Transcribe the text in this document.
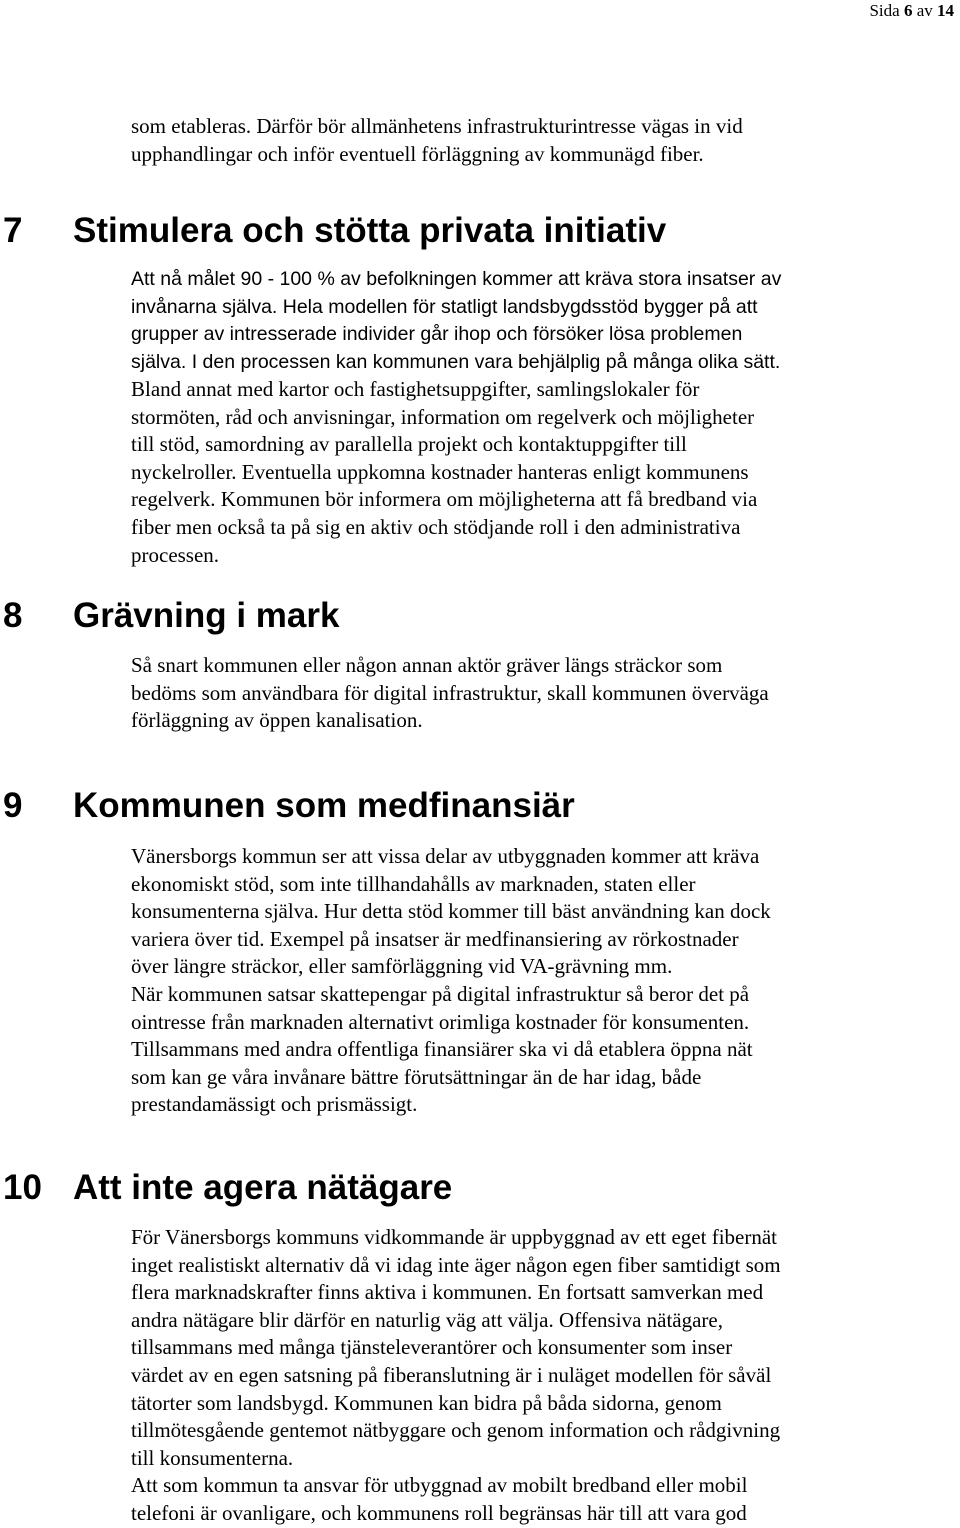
Sida 6 av 14
som etableras. Därför bör allmänhetens infrastrukturintresse vägas in vid
upphandlingar och inför eventuell förläggning av kommunägd fiber.
7 Stimulera och stötta privata initiativ
Att nå målet 90 - 100 % av befolkningen kommer att kräva stora insatser av
invånarna själva. Hela modellen för statligt landsbygdsstöd bygger på att
grupper av intresserade individer går ihop och försöker lösa problemen
själva. I den processen kan kommunen vara behjälplig på många olika sätt.
Bland annat med kartor och fastighetsuppgifter, samlingslokaler för
stormöten, råd och anvisningar, information om regelverk och möjligheter
till stöd, samordning av parallella projekt och kontaktuppgifter till
nyckelroller. Eventuella uppkomna kostnader hanteras enligt kommunens
regelverk. Kommunen bör informera om möjligheterna att få bredband via
fiber men också ta på sig en aktiv och stödjande roll i den administrativa
processen.
8 Grävning i mark
Så snart kommunen eller någon annan aktör gräver längs sträckor som
bedöms som användbara för digital infrastruktur, skall kommunen överväga
förläggning av öppen kanalisation.
9 Kommunen som medfinansiär
Vänersborgs kommun ser att vissa delar av utbyggnaden kommer att kräva
ekonomiskt stöd, som inte tillhandahålls av marknaden, staten eller
konsumenterna själva. Hur detta stöd kommer till bäst användning kan dock
variera över tid. Exempel på insatser är medfinansiering av rörkostnader
över längre sträckor, eller samförläggning vid VA-grävning mm.
När kommunen satsar skattepengar på digital infrastruktur så beror det på
ointresse från marknaden alternativt orimliga kostnader för konsumenten.
Tillsammans med andra offentliga finansiärer ska vi då etablera öppna nät
som kan ge våra invånare bättre förutsättningar än de har idag, både
prestandamässigt och prismässigt.
10 Att inte agera nätägare
För Vänersborgs kommuns vidkommande är uppbyggnad av ett eget fibernät
inget realistiskt alternativ då vi idag inte äger någon egen fiber samtidigt som
flera marknadskrafter finns aktiva i kommunen. En fortsatt samverkan med
andra nätägare blir därför en naturlig väg att välja. Offensiva nätägare,
tillsammans med många tjänsteleverantörer och konsumenter som inser
värdet av en egen satsning på fiberanslutning är i nuläget modellen för såväl
tätorter som landsbygd. Kommunen kan bidra på båda sidorna, genom
tillmötesgående gentemot nätbyggare och genom information och rådgivning
till konsumenterna.
Att som kommun ta ansvar för utbyggnad av mobilt bredband eller mobil
telefoni är ovanligare, och kommunens roll begränsas här till att vara god
